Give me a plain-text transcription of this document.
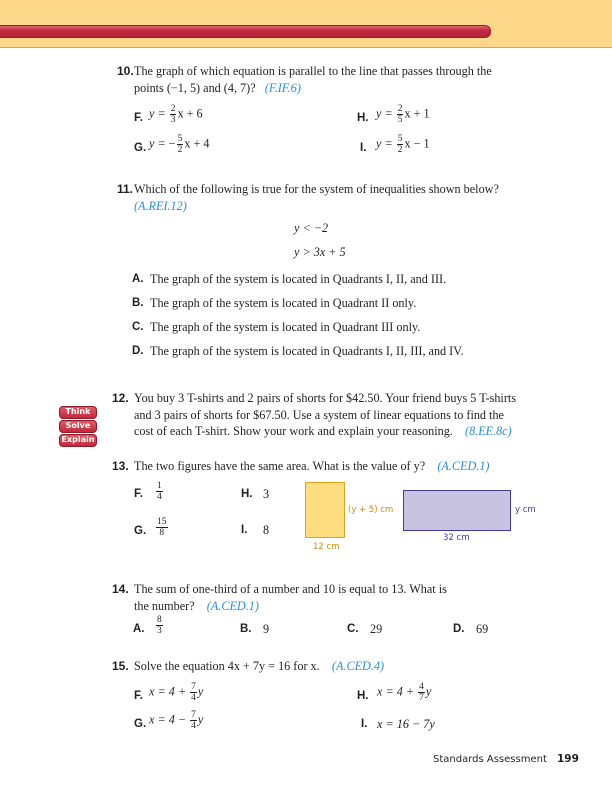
10. The graph of which equation is parallel to the line that passes through the
points (−1, 5) and (4, 7)? (F.IF.6)
F. $y = \frac{2}{3}$ x + 6
G. y = − $\frac{5}{2}$ x + 4
H. $y = \frac{2}{5}$ x + 1
I. $y = \frac{5}{2}$ x − 1
11. Which of the following is true for the system of inequalities shown below?
(A.REI.12)
y < −2
y > 3x + 5
A. The graph of the system is located in Quadrants I, II, and III.
B. The graph of the system is located in Quadrant II only.
C. The graph of the system is located in Quadrant III only.
D. The graph of the system is located in Quadrants I, II, III, and IV.
12. You buy 3 T-shirts and 2 pairs of shorts for $42.50. Your friend buys 5 T-shirts
and 3 pairs of shorts for $67.50. Use a system of linear equations to find the
cost of each T-shirt. Show your work and explain your reasoning. (8.EE.8c)
Think
Solve
Explain
13. The two figures have the same area. What is the value of y? (A.CED.1)
F. $\frac{1}{4}$
G. $\frac{15}{8}$
H. 3
I. 8
(y + 5) cm
12 cm
y cm
32 cm
14. The sum of one-third of a number and 10 is equal to 13. What is
the number? (A.CED.1)
A. $\frac{8}{3}$	B. 9	C. 29	D. 69
15. Solve the equation 4x + 7y = 16 for x. (A.CED.4)
F. $x = 4 + \frac{7}{4}$ y
G. $x = 4 - \frac{7}{4}$ y
H. $x = 4 + \frac{4}{7}$ y
I. x = 16 − 7y
Standards Assessment 199
